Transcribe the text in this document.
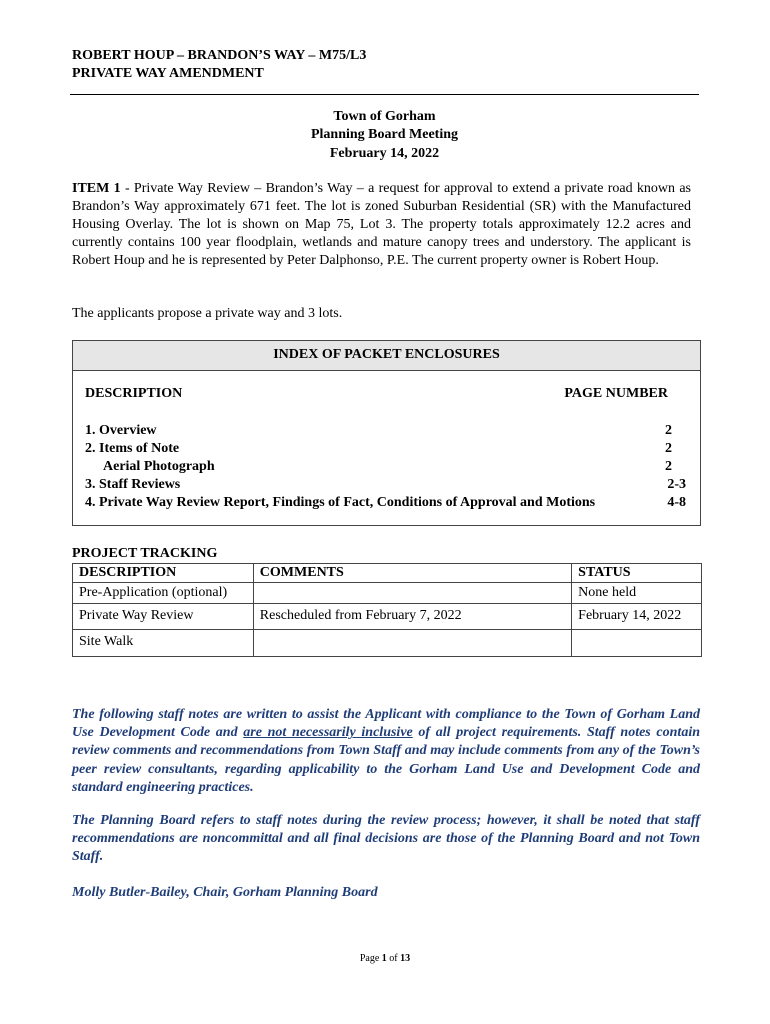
ROBERT HOUP – BRANDON’S WAY – M75/L3
PRIVATE WAY AMENDMENT
Town of Gorham
Planning Board Meeting
February 14, 2022
ITEM 1 - Private Way Review – Brandon’s Way – a request for approval to extend a private road known as Brandon’s Way approximately 671 feet. The lot is zoned Suburban Residential (SR) with the Manufactured Housing Overlay. The lot is shown on Map 75, Lot 3. The property totals approximately 12.2 acres and currently contains 100 year floodplain, wetlands and mature canopy trees and understory. The applicant is Robert Houp and he is represented by Peter Dalphonso, P.E. The current property owner is Robert Houp.
The applicants propose a private way and 3 lots.
INDEX OF PACKET ENCLOSURES
DESCRIPTION	PAGE NUMBER
1. Overview	2
2. Items of Note	2
Aerial Photograph	2
3. Staff Reviews	2-3
4. Private Way Review Report, Findings of Fact, Conditions of Approval and Motions	4-8
PROJECT TRACKING
DESCRIPTION	COMMENTS	STATUS
Pre-Application (optional)		None held
Private Way Review	Rescheduled from February 7, 2022	February 14, 2022
Site Walk		
The following staff notes are written to assist the Applicant with compliance to the Town of Gorham Land Use Development Code and are not necessarily inclusive of all project requirements. Staff notes contain review comments and recommendations from Town Staff and may include comments from any of the Town’s peer review consultants, regarding applicability to the Gorham Land Use and Development Code and standard engineering practices.
The Planning Board refers to staff notes during the review process; however, it shall be noted that staff recommendations are noncommittal and all final decisions are those of the Planning Board and not Town Staff.
Molly Butler-Bailey, Chair, Gorham Planning Board
Page 1 of 13
